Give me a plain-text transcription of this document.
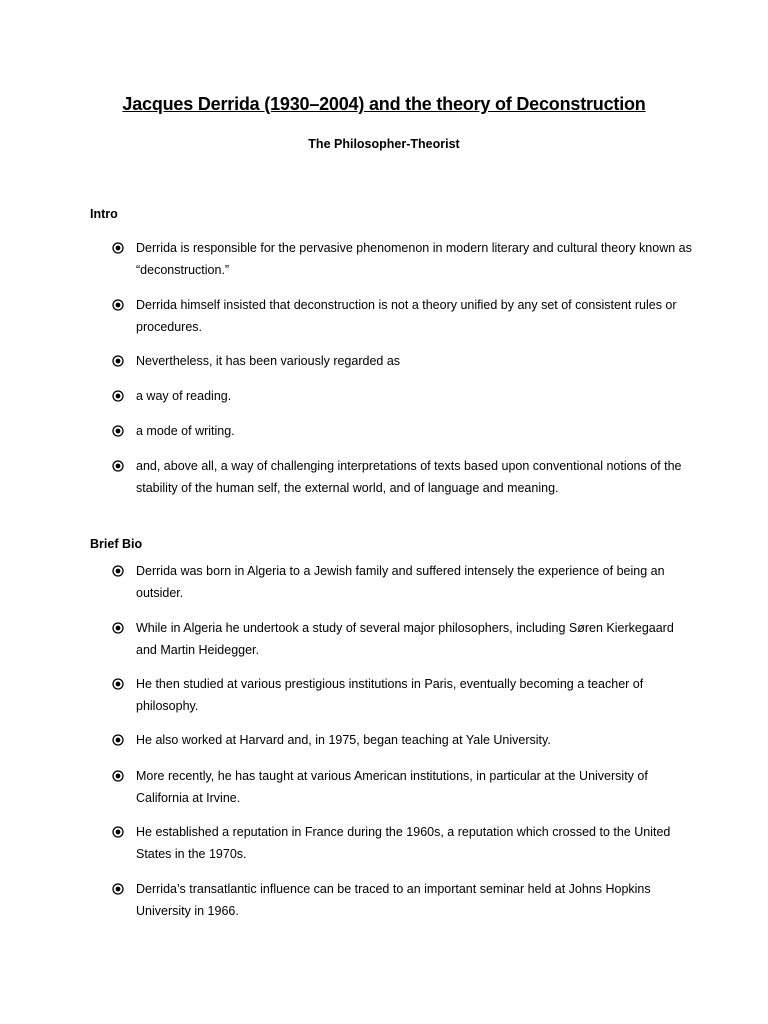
Jacques Derrida (1930–2004) and the theory of Deconstruction

The Philosopher-Theorist

Intro

Derrida is responsible for the pervasive phenomenon in modern literary and cultural theory known as “deconstruction.”
Derrida himself insisted that deconstruction is not a theory unified by any set of consistent rules or procedures.
Nevertheless, it has been variously regarded as
a way of reading.
a mode of writing.
and, above all, a way of challenging interpretations of texts based upon conventional notions of the stability of the human self, the external world, and of language and meaning.

Brief Bio

Derrida was born in Algeria to a Jewish family and suffered intensely the experience of being an outsider.
While in Algeria he undertook a study of several major philosophers, including Søren Kierkegaard and Martin Heidegger.
He then studied at various prestigious institutions in Paris, eventually becoming a teacher of philosophy.
He also worked at Harvard and, in 1975, began teaching at Yale University.
More recently, he has taught at various American institutions, in particular at the University of California at Irvine.
He established a reputation in France during the 1960s, a reputation which crossed to the United States in the 1970s.
Derrida’s transatlantic influence can be traced to an important seminar held at Johns Hopkins University in 1966.
